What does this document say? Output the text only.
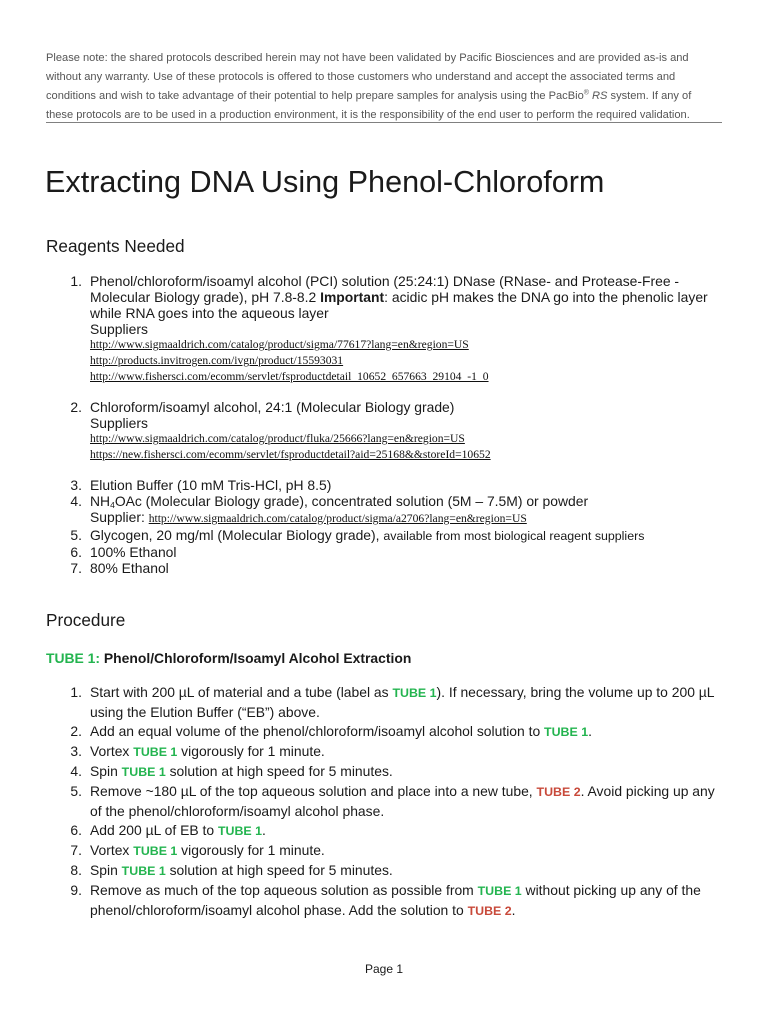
Please note: the shared protocols described herein may not have been validated by Pacific Biosciences and are provided as-is and without any warranty. Use of these protocols is offered to those customers who understand and accept the associated terms and conditions and wish to take advantage of their potential to help prepare samples for analysis using the PacBio® RS system. If any of these protocols are to be used in a production environment, it is the responsibility of the end user to perform the required validation.
Extracting DNA Using Phenol-Chloroform
Reagents Needed
1 . Phenol/chloroform/isoamyl alcohol (PCI) solution (25:24:1) DNase (RNase- and Protease-Free - Molecular Biology grade), pH 7.8-8.2 Important: acidic pH makes the DNA go into the phenolic layer while RNA goes into the aqueous layer
Suppliers
http://www.sigmaaldrich.com/catalog/product/sigma/77617?lang=en&region=US
http://products.invitrogen.com/ivgn/product/15593031
http://www.fishersci.com/ecomm/servlet/fsproductdetail_10652_657663_29104_-1_0
2 . Chloroform/isoamyl alcohol, 24:1 (Molecular Biology grade)
Suppliers
http://www.sigmaaldrich.com/catalog/product/fluka/25666?lang=en&region=US
https://new.fishersci.com/ecomm/servlet/fsproductdetail?aid=25168&&storeId=10652
3 . Elution Buffer (10 mM Tris-HCl, pH 8.5)
4 . $NH_4OAc$ (Molecular Biology grade), concentrated solution (5M – 7.5M) or powder
Supplier: http://www.sigmaaldrich.com/catalog/product/sigma/a2706?lang=en&region=US
5 . Glycogen, 20 mg/ml (Molecular Biology grade), available from most biological reagent suppliers
6 . 100% Ethanol
7 . 80% Ethanol
Procedure
TUBE 1: Phenol/Chloroform/Isoamyl Alcohol Extraction
1 . Start with 200 µL of material and a tube (label as TUBE 1). If necessary, bring the volume up to 200 µL using the Elution Buffer (“EB”) above.
2 . Add an equal volume of the phenol/chloroform/isoamyl alcohol solution to TUBE 1.
3 . Vortex TUBE 1 vigorously for 1 minute.
4 . Spin TUBE 1 solution at high speed for 5 minutes.
5 . Remove ~180 µL of the top aqueous solution and place into a new tube, TUBE 2. Avoid picking up any of the phenol/chloroform/isoamyl alcohol phase.
6 . Add 200 µL of EB to TUBE 1.
7 . Vortex TUBE 1 vigorously for 1 minute.
8 . Spin TUBE 1 solution at high speed for 5 minutes.
9 . Remove as much of the top aqueous solution as possible from TUBE 1 without picking up any of the phenol/chloroform/isoamyl alcohol phase. Add the solution to TUBE 2.
Page 1
